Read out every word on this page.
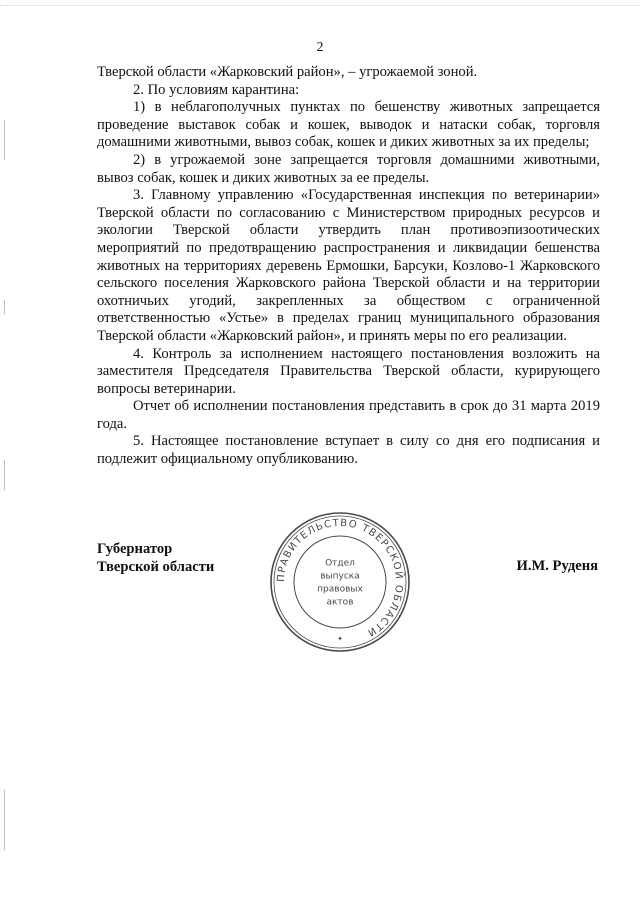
2

Тверской области «Жарковский район», – угрожаемой зоной.

2. По условиям карантина:

1) в неблагополучных пунктах по бешенству животных запрещается проведение выставок собак и кошек, выводок и натаски собак, торговля домашними животными, вывоз собак, кошек и диких животных за их пределы;

2) в угрожаемой зоне запрещается торговля домашними животными, вывоз собак, кошек и диких животных за ее пределы.

3. Главному управлению «Государственная инспекция по ветеринарии» Тверской области по согласованию с Министерством природных ресурсов и экологии Тверской области утвердить план противоэпизоотических мероприятий по предотвращению распространения и ликвидации бешенства животных на территориях деревень Ермошки, Барсуки, Козлово-1 Жарковского сельского поселения Жарковского района Тверской области и на территории охотничьих угодий, закрепленных за обществом с ограниченной ответственностью «Устье» в пределах границ муниципального образования Тверской области «Жарковский район», и принять меры по его реализации.

4. Контроль за исполнением настоящего постановления возложить на заместителя Председателя Правительства Тверской области, курирующего вопросы ветеринарии.

Отчет об исполнении постановления представить в срок до 31 марта 2019 года.

5. Настоящее постановление вступает в силу со дня его подписания и подлежит официальному опубликованию.

Губернатор
Тверской области
ПРАВИТЕЛЬСТВО ТВЕРСКОЙ ОБЛАСТИ
✦
Отдел
выпуска
правовых
актов
И.М. Руденя
